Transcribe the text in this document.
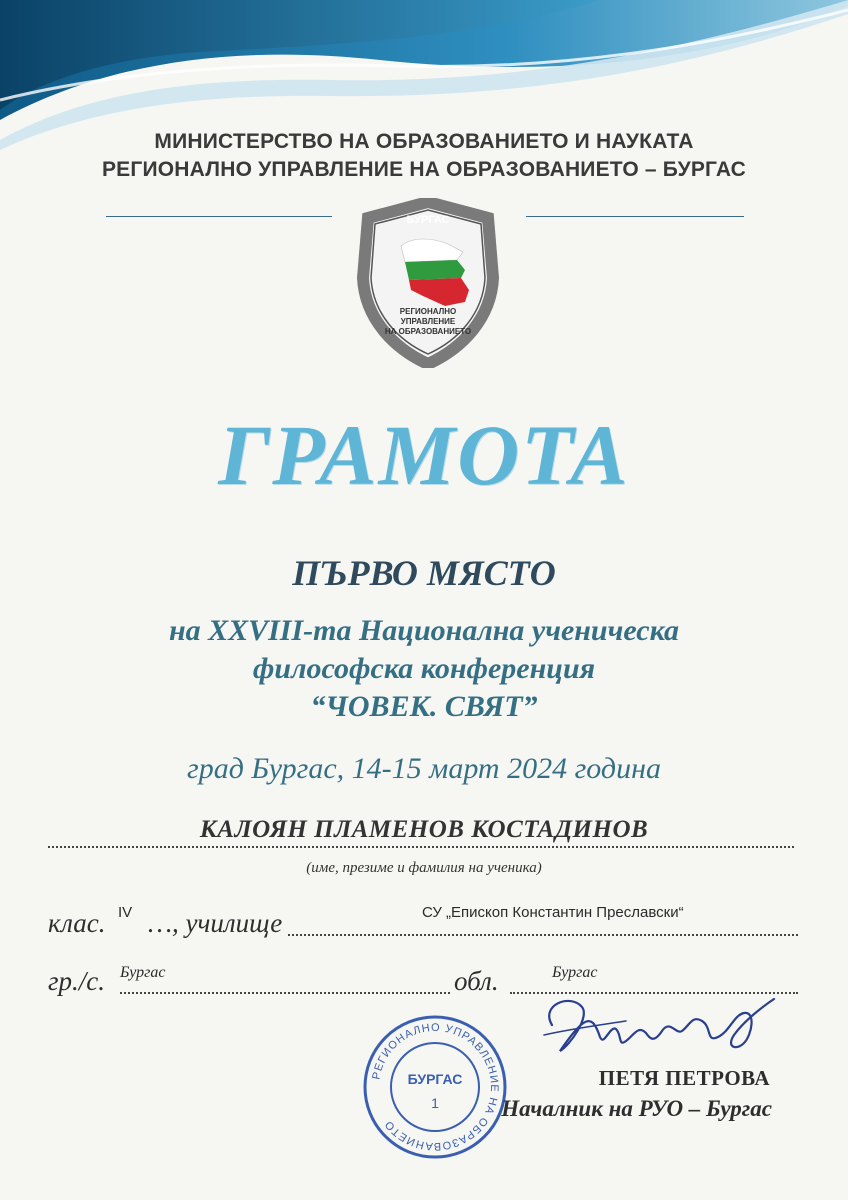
МИНИСТЕРСТВО НА ОБРАЗОВАНИЕТО И НАУКАТА
РЕГИОНАЛНО УПРАВЛЕНИЕ НА ОБРАЗОВАНИЕТО – БУРГАС
БУРГАС
РЕГИОНАЛНО
УПРАВЛЕНИЕ
НА ОБРАЗОВАНИЕТО
ГРАМОТА
ПЪРВО МЯСТО
на XXVIII-та Национална ученическа
философска конференция
“ЧОВЕК. СВЯТ”
град Бургас, 14-15 март 2024 година
КАЛОЯН ПЛАМЕНОВ КОСТАДИНОВ
(име, презиме и фамилия на ученика)
клас. IV …, училище	СУ „Епископ Константин Преславски“
гр./с. Бургас	обл.	Бургас
РЕГИОНАЛНО УПРАВЛЕНИЕ НА ОБРАЗОВАНИЕТО
БУРГАС
1
ПЕТЯ ПЕТРОВА
Началник на РУО – Бургас
